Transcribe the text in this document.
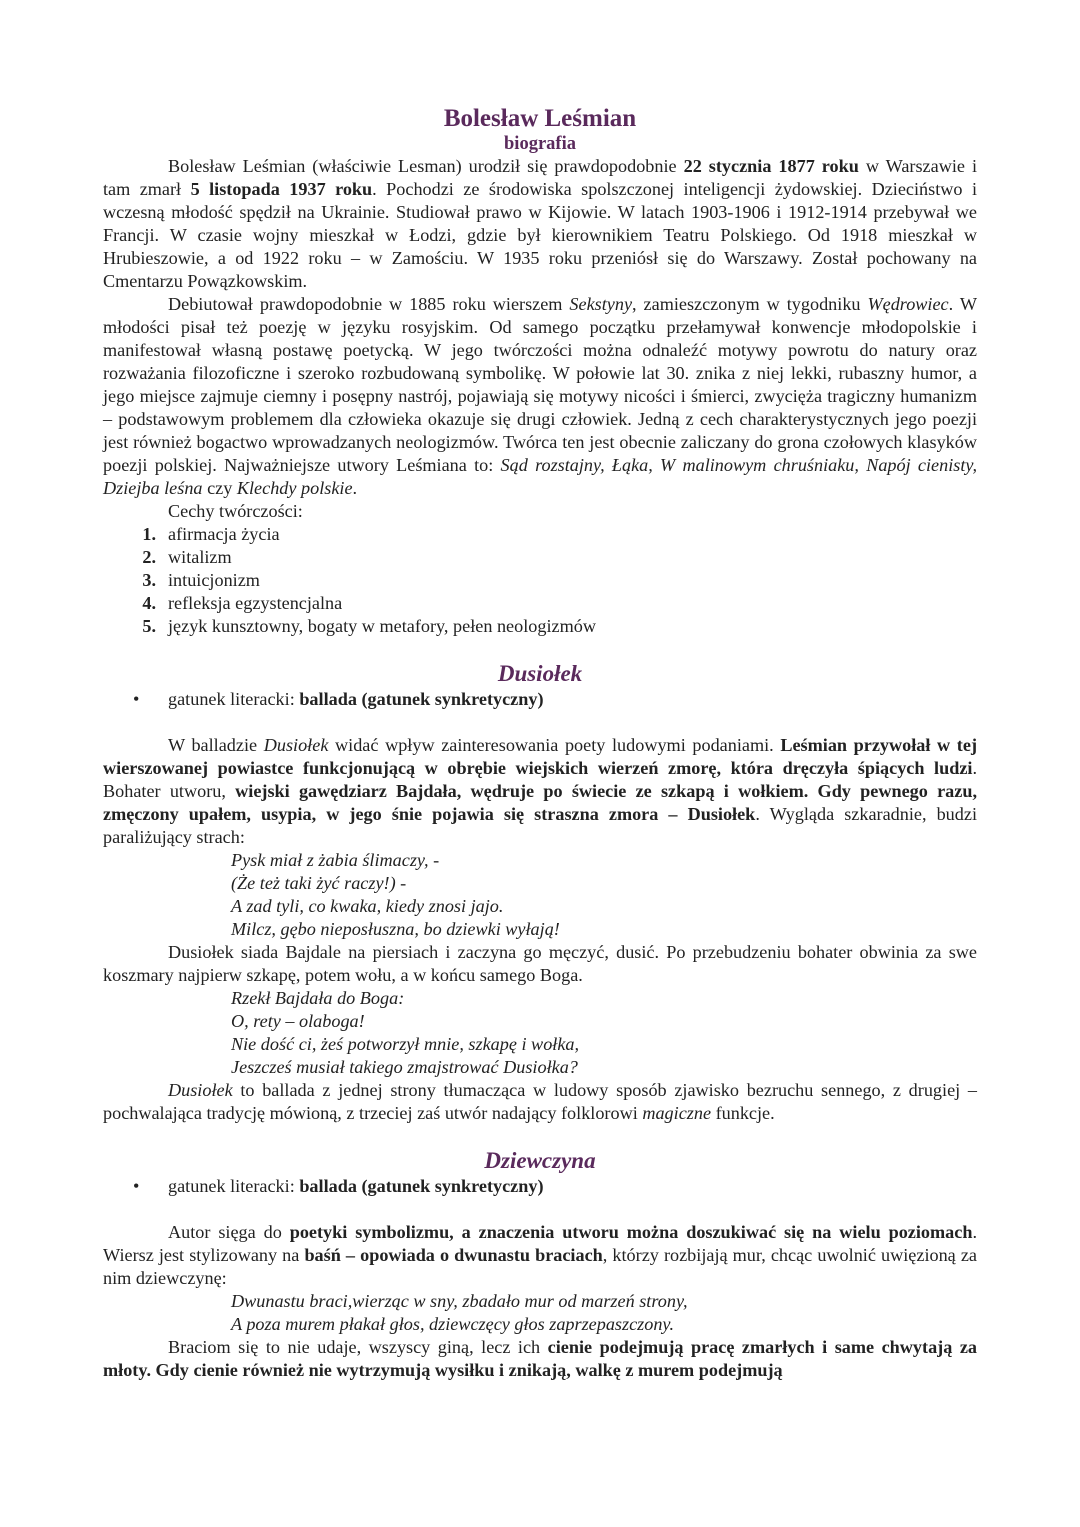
Bolesław Leśmian
biografia

Bolesław Leśmian (właściwie Lesman) urodził się prawdopodobnie 22 stycznia 1877 roku w Warszawie i tam zmarł 5 listopada 1937 roku. Pochodzi ze środowiska spolszczonej inteligencji żydowskiej. Dzieciństwo i wczesną młodość spędził na Ukrainie. Studiował prawo w Kijowie. W latach 1903-1906 i 1912-1914 przebywał we Francji. W czasie wojny mieszkał w Łodzi, gdzie był kierownikiem Teatru Polskiego. Od 1918 mieszkał w Hrubieszowie, a od 1922 roku – w Zamościu. W 1935 roku przeniósł się do Warszawy. Został pochowany na Cmentarzu Powązkowskim.

Debiutował prawdopodobnie w 1885 roku wierszem Sekstyny, zamieszczonym w tygodniku Wędrowiec. W młodości pisał też poezję w języku rosyjskim. Od samego początku przełamywał konwencje młodopolskie i manifestował własną postawę poetycką. W jego twórczości można odnaleźć motywy powrotu do natury oraz rozważania filozoficzne i szeroko rozbudowaną symbolikę. W połowie lat 30. znika z niej lekki, rubaszny humor, a jego miejsce zajmuje ciemny i posępny nastrój, pojawiają się motywy nicości i śmierci, zwycięża tragiczny humanizm – podstawowym problemem dla człowieka okazuje się drugi człowiek. Jedną z cech charakterystycznych jego poezji jest również bogactwo wprowadzanych neologizmów. Twórca ten jest obecnie zaliczany do grona czołowych klasyków poezji polskiej. Najważniejsze utwory Leśmiana to: Sąd rozstajny, Łąka, W malinowym chruśniaku, Napój cienisty, Dziejba leśna czy Klechdy polskie.

Cechy twórczości:
1. afirmacja życia
2. witalizm
3. intuicjonizm
4. refleksja egzystencjalna
5. język kunsztowny, bogaty w metafory, pełen neologizmów
Dusiołek
•	gatunek literacki: ballada (gatunek synkretyczny)

W balladzie Dusiołek widać wpływ zainteresowania poety ludowymi podaniami. Leśmian przywołał w tej wierszowanej powiastce funkcjonującą w obrębie wiejskich wierzeń zmorę, która dręczyła śpiących ludzi. Bohater utworu, wiejski gawędziarz Bajdała, wędruje po świecie ze szkapą i wołkiem. Gdy pewnego razu, zmęczony upałem, usypia, w jego śnie pojawia się straszna zmora – Dusiołek. Wygląda szkaradnie, budzi paraliżujący strach:

Pysk miał z żabia ślimaczy, -
(Że też taki żyć raczy!) -
A zad tyli, co kwaka, kiedy znosi jajo.
Milcz, gębo nieposłuszna, bo dziewki wyłają!

Dusiołek siada Bajdale na piersiach i zaczyna go męczyć, dusić. Po przebudzeniu bohater obwinia za swe koszmary najpierw szkapę, potem wołu, a w końcu samego Boga.

Rzekł Bajdała do Boga:
O, rety – olaboga!
Nie dość ci, żeś potworzył mnie, szkapę i wołka,
Jeszcześ musiał takiego zmajstrować Dusiołka?

Dusiołek to ballada z jednej strony tłumacząca w ludowy sposób zjawisko bezruchu sennego, z drugiej – pochwalająca tradycję mówioną, z trzeciej zaś utwór nadający folklorowi magiczne funkcje.

Dziewczyna
•	gatunek literacki: ballada (gatunek synkretyczny)

Autor sięga do poetyki symbolizmu, a znaczenia utworu można doszukiwać się na wielu poziomach. Wiersz jest stylizowany na baśń – opowiada o dwunastu braciach, którzy rozbijają mur, chcąc uwolnić uwięzioną za nim dziewczynę:

Dwunastu braci,wierząc w sny, zbadało mur od marzeń strony,
A poza murem płakał głos, dziewczęcy głos zaprzepaszczony.

Braciom się to nie udaje, wszyscy giną, lecz ich cienie podejmują pracę zmarłych i same chwytają za młoty. Gdy cienie również nie wytrzymują wysiłku i znikają, walkę z murem podejmują
